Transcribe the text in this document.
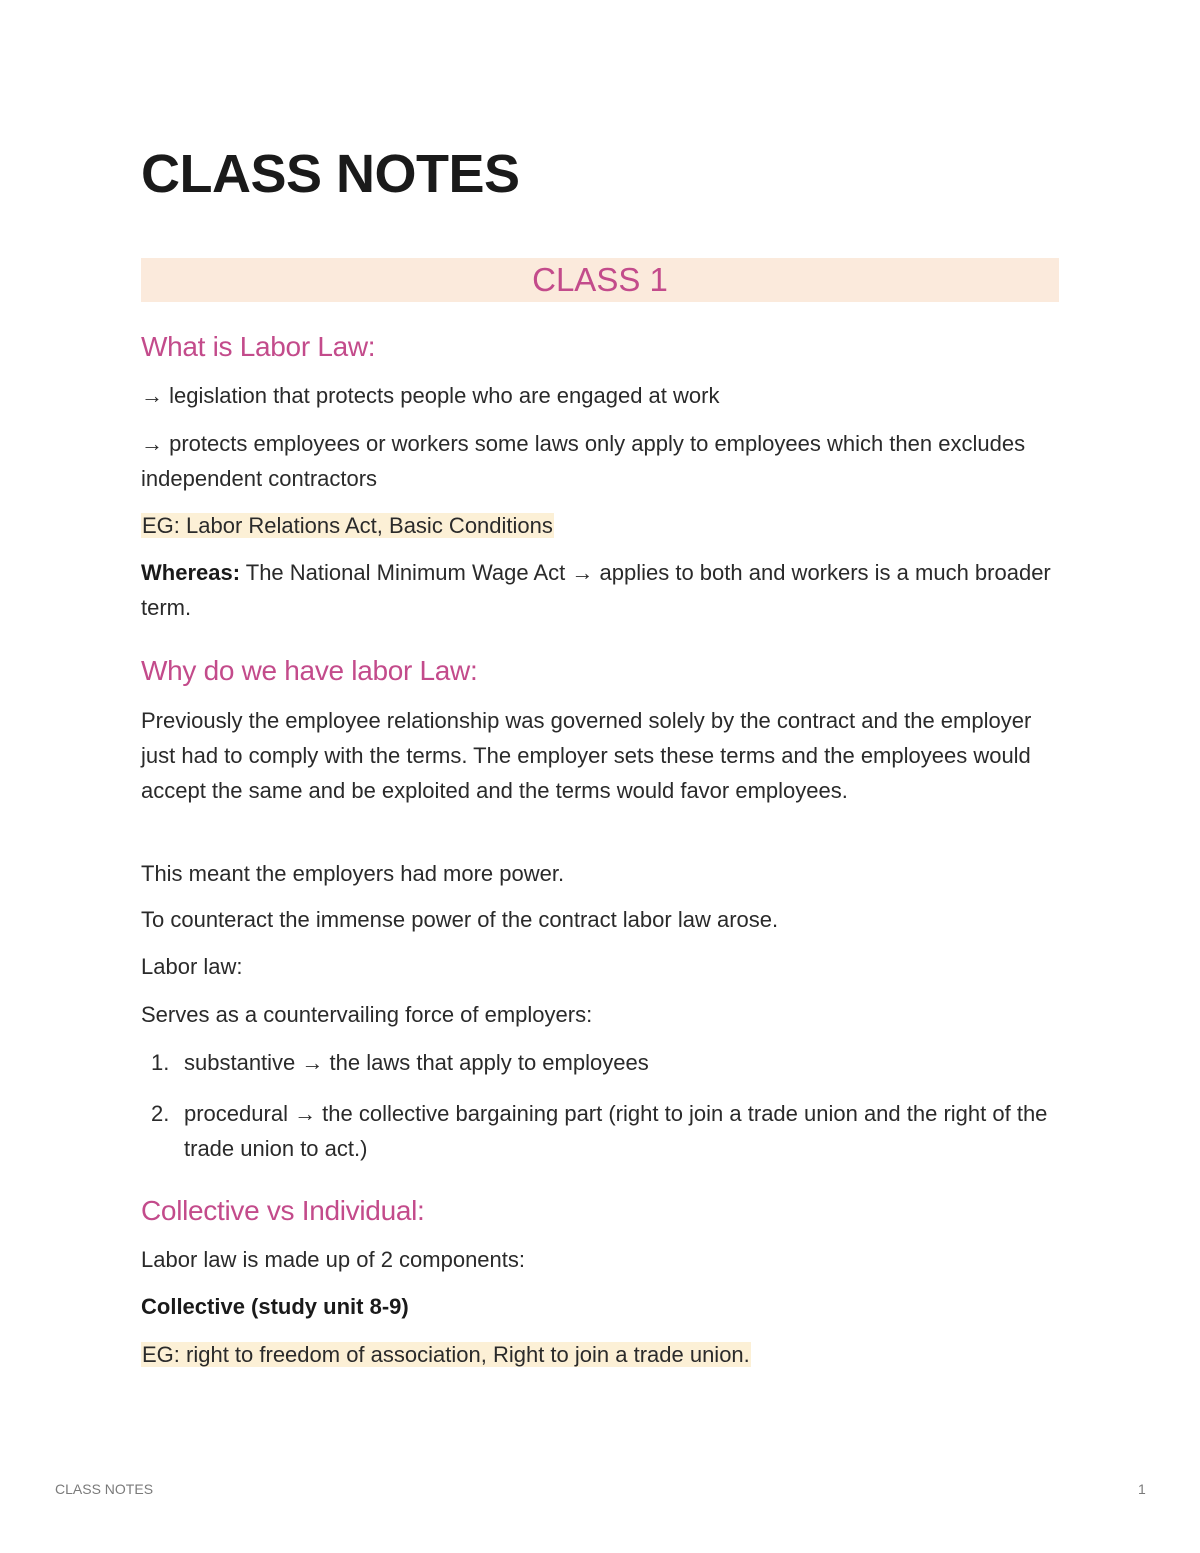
CLASS NOTES
CLASS 1
What is Labor Law:

→ legislation that protects people who are engaged at work

→ protects employees or workers some laws only apply to employees which then excludes independent contractors

EG: Labor Relations Act, Basic Conditions

Whereas: The National Minimum Wage Act → applies to both and workers is a much broader term.

Why do we have labor Law:

Previously the employee relationship was governed solely by the contract and the employer just had to comply with the terms. The employer sets these terms and the employees would accept the same and be exploited and the terms would favor employees.

This meant the employers had more power.

To counteract the immense power of the contract labor law arose.

Labor law:

Serves as a countervailing force of employers:

1. substantive → the laws that apply to employees

2. procedural → the collective bargaining part (right to join a trade union and the right of the trade union to act.)

Collective vs Individual:

Labor law is made up of 2 components:

Collective (study unit 8-9)

EG: right to freedom of association, Right to join a trade union.

CLASS NOTES	1
